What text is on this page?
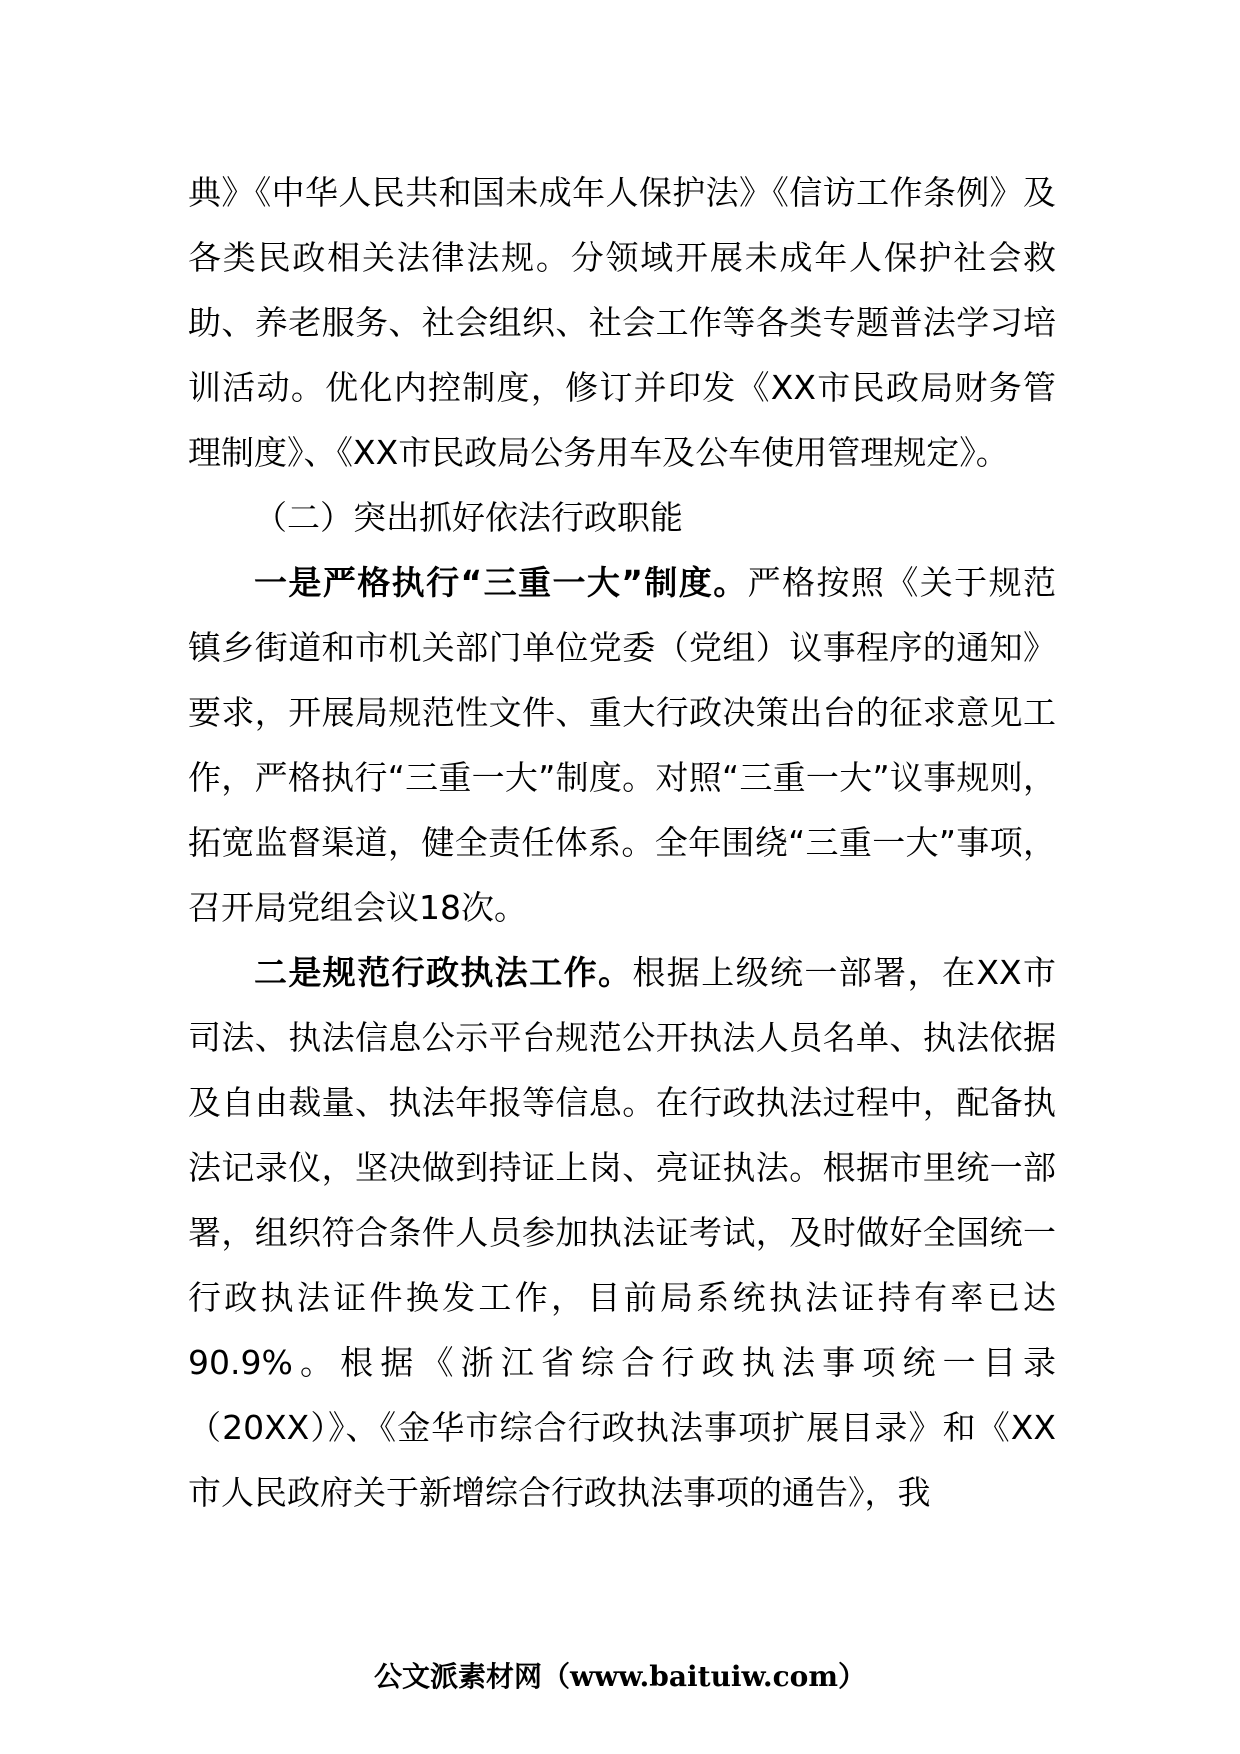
典》《中华人民共和国未成年人保护法》《信访工作条例》及各类民政相关法律法规。分领域开展未成年人保护社会救助、养老服务、社会组织、社会工作等各类专题普法学习培训活动。优化内控制度，修订并印发《XX市民政局财务管理制度》、《XX市民政局公务用车及公车使用管理规定》。

（二）突出抓好依法行政职能

一是严格执行“三重一大”制度。严格按照《关于规范镇乡街道和市机关部门单位党委（党组）议事程序的通知》要求，开展局规范性文件、重大行政决策出台的征求意见工作，严格执行“三重一大”制度。对照“三重一大”议事规则，拓宽监督渠道，健全责任体系。全年围绕“三重一大”事项，召开局党组会议18次。

二是规范行政执法工作。根据上级统一部署，在XX市司法、执法信息公示平台规范公开执法人员名单、执法依据及自由裁量、执法年报等信息。在行政执法过程中，配备执法记录仪，坚决做到持证上岗、亮证执法。根据市里统一部署，组织符合条件人员参加执法证考试，及时做好全国统一行政执法证件换发工作，目前局系统执法证持有率已达90.9%。根据《浙江省综合行政执法事项统一目录（20XX）》、《金华市综合行政执法事项扩展目录》和《XX市人民政府关于新增综合行政执法事项的通告》，我

公文派素材网（www.baituiw.com）
